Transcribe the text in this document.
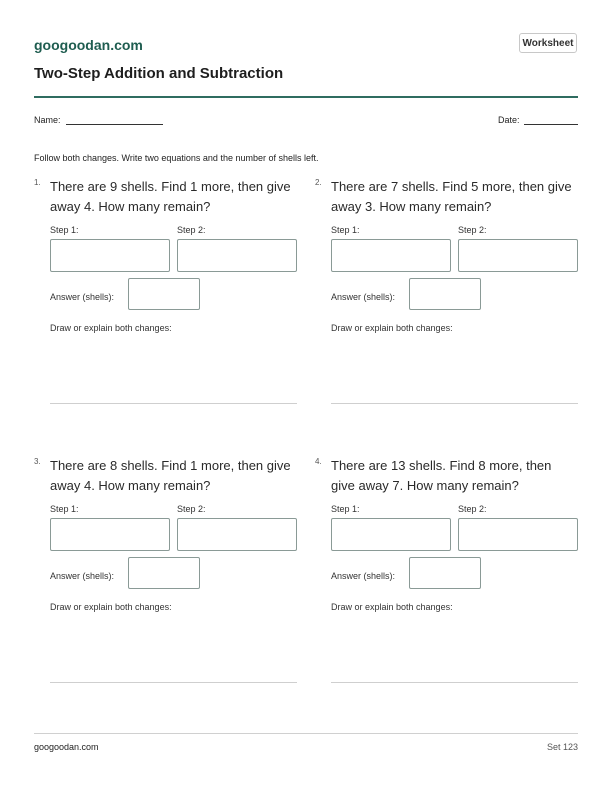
googoodan.com	Worksheet
Two-Step Addition and Subtraction
Name:	Date:
Follow both changes. Write two equations and the number of shells left.
1. There are 9 shells. Find 1 more, then give away 4. How many remain?
Step 1:	Step 2:
Answer (shells):
Draw or explain both changes:
2. There are 7 shells. Find 5 more, then give away 3. How many remain?
Step 1:	Step 2:
Answer (shells):
Draw or explain both changes:
3. There are 8 shells. Find 1 more, then give away 4. How many remain?
Step 1:	Step 2:
Answer (shells):
Draw or explain both changes:
4. There are 13 shells. Find 8 more, then give away 7. How many remain?
Step 1:	Step 2:
Answer (shells):
Draw or explain both changes:
googoodan.com	Set 123
